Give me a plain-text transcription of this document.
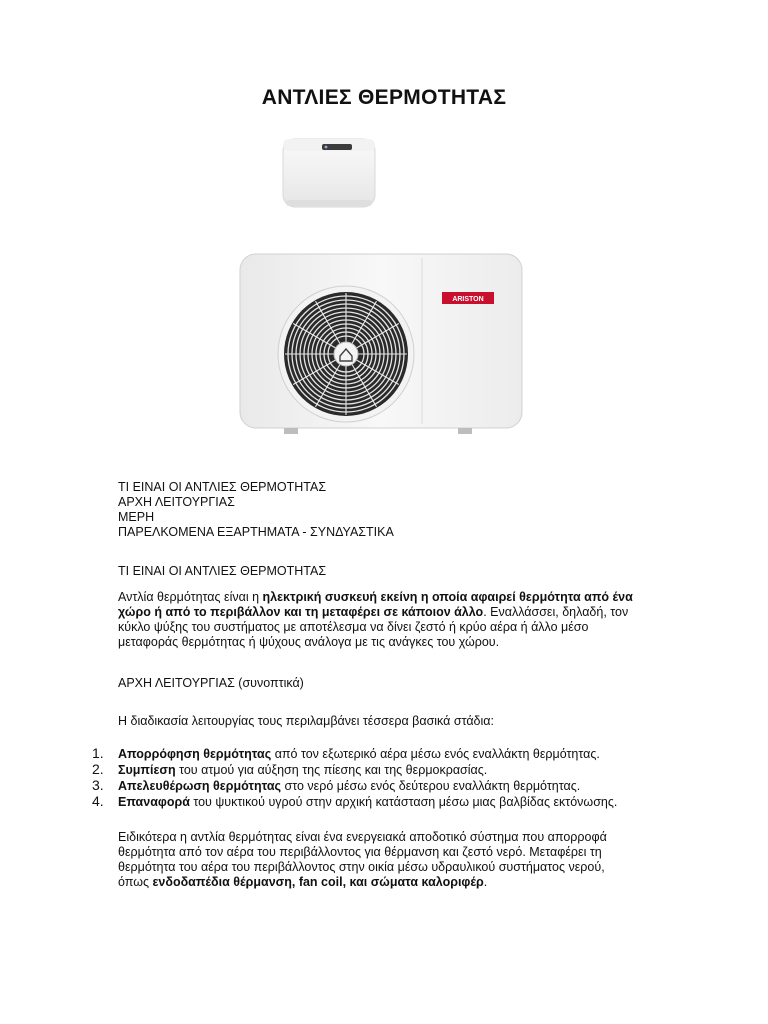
ΑΝΤΛΙΕΣ ΘΕΡΜΟΤΗΤΑΣ
ARISTON
ΤΙ ΕΙΝΑΙ ΟΙ ΑΝΤΛΙΕΣ ΘΕΡΜΟΤΗΤΑΣ
ΑΡΧΗ ΛΕΙΤΟΥΡΓΙΑΣ
ΜΕΡΗ
ΠΑΡΕΛΚΟΜΕΝΑ ΕΞΑΡΤΗΜΑΤΑ - ΣΥΝΔΥΑΣΤΙΚΑ
ΤΙ ΕΙΝΑΙ ΟΙ ΑΝΤΛΙΕΣ ΘΕΡΜΟΤΗΤΑΣ
Αντλία θερμότητας είναι η ηλεκτρική συσκευή εκείνη η οποία αφαιρεί θερμότητα από ένα χώρο ή από το περιβάλλον και τη μεταφέρει σε κάποιον άλλο. Εναλλάσσει, δηλαδή, τον κύκλο ψύξης του συστήματος με αποτέλεσμα να δίνει ζεστό ή κρύο αέρα ή άλλο μέσο μεταφοράς θερμότητας ή ψύχους ανάλογα με τις ανάγκες του χώρου.
ΑΡΧΗ ΛΕΙΤΟΥΡΓΙΑΣ (συνοπτικά)
Η διαδικασία λειτουργίας τους περιλαμβάνει τέσσερα βασικά στάδια:
1.	Απορρόφηση θερμότητας από τον εξωτερικό αέρα μέσω ενός εναλλάκτη θερμότητας.
2.	Συμπίεση του ατμού για αύξηση της πίεσης και της θερμοκρασίας.
3.	Απελευθέρωση θερμότητας στο νερό μέσω ενός δεύτερου εναλλάκτη θερμότητας.
4.	Επαναφορά του ψυκτικού υγρού στην αρχική κατάσταση μέσω μιας βαλβίδας εκτόνωσης.
Ειδικότερα η αντλία θερμότητας είναι ένα ενεργειακά αποδοτικό σύστημα που απορροφά θερμότητα από τον αέρα του περιβάλλοντος για θέρμανση και ζεστό νερό. Μεταφέρει τη θερμότητα του αέρα του περιβάλλοντος στην οικία μέσω υδραυλικού συστήματος νερού, όπως ενδοδαπέδια θέρμανση, fan coil, και σώματα καλοριφέρ.
